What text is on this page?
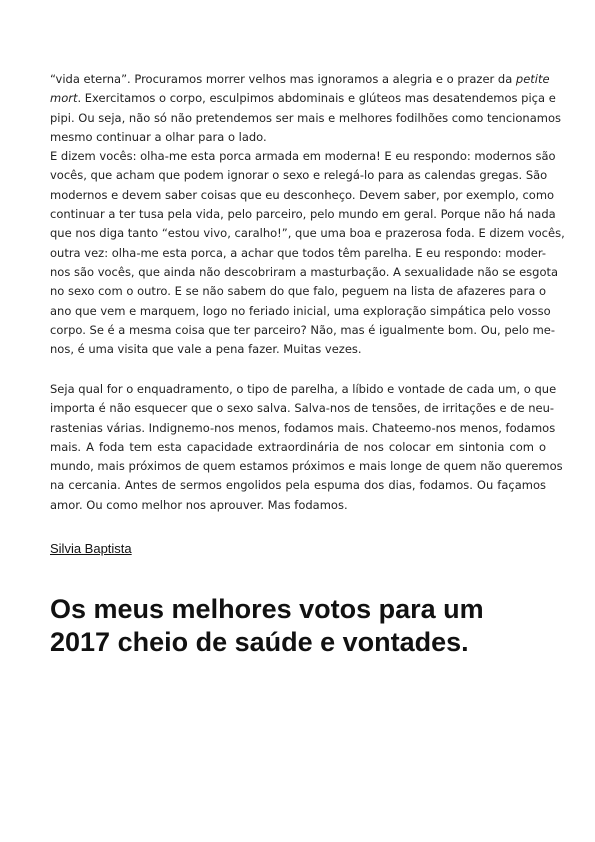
“vida eterna”. Procuramos morrer velhos mas ignoramos a alegria e o prazer da petite
mort. Exercitamos o corpo, esculpimos abdominais e glúteos mas desatendemos piça e
pipi. Ou seja, não só não pretendemos ser mais e melhores fodilhões como tencionamos
mesmo continuar a olhar para o lado.
E dizem vocês: olha-me esta porca armada em moderna! E eu respondo: modernos são
vocês, que acham que podem ignorar o sexo e relegá-lo para as calendas gregas. São
modernos e devem saber coisas que eu desconheço. Devem saber, por exemplo, como
continuar a ter tusa pela vida, pelo parceiro, pelo mundo em geral. Porque não há nada
que nos diga tanto “estou vivo, caralho!”, que uma boa e prazerosa foda. E dizem vocês,
outra vez: olha-me esta porca, a achar que todos têm parelha. E eu respondo: moder-
nos são vocês, que ainda não descobriram a masturbação. A sexualidade não se esgota
no sexo com o outro. E se não sabem do que falo, peguem na lista de afazeres para o
ano que vem e marquem, logo no feriado inicial, uma exploração simpática pelo vosso
corpo. Se é a mesma coisa que ter parceiro? Não, mas é igualmente bom. Ou, pelo me-
nos, é uma visita que vale a pena fazer. Muitas vezes.
Seja qual for o enquadramento, o tipo de parelha, a líbido e vontade de cada um, o que
importa é não esquecer que o sexo salva. Salva-nos de tensões, de irritações e de neu-
rastenias várias. Indignemo-nos menos, fodamos mais. Chateemo-nos menos, fodamos
mais. A foda tem esta capacidade extraordinária de nos colocar em sintonia com o
mundo, mais próximos de quem estamos próximos e mais longe de quem não queremos
na cercania. Antes de sermos engolidos pela espuma dos dias, fodamos. Ou façamos
amor. Ou como melhor nos aprouver. Mas fodamos.
Silvia Baptista
Os meus melhores votos para um
2017 cheio de saúde e vontades.
